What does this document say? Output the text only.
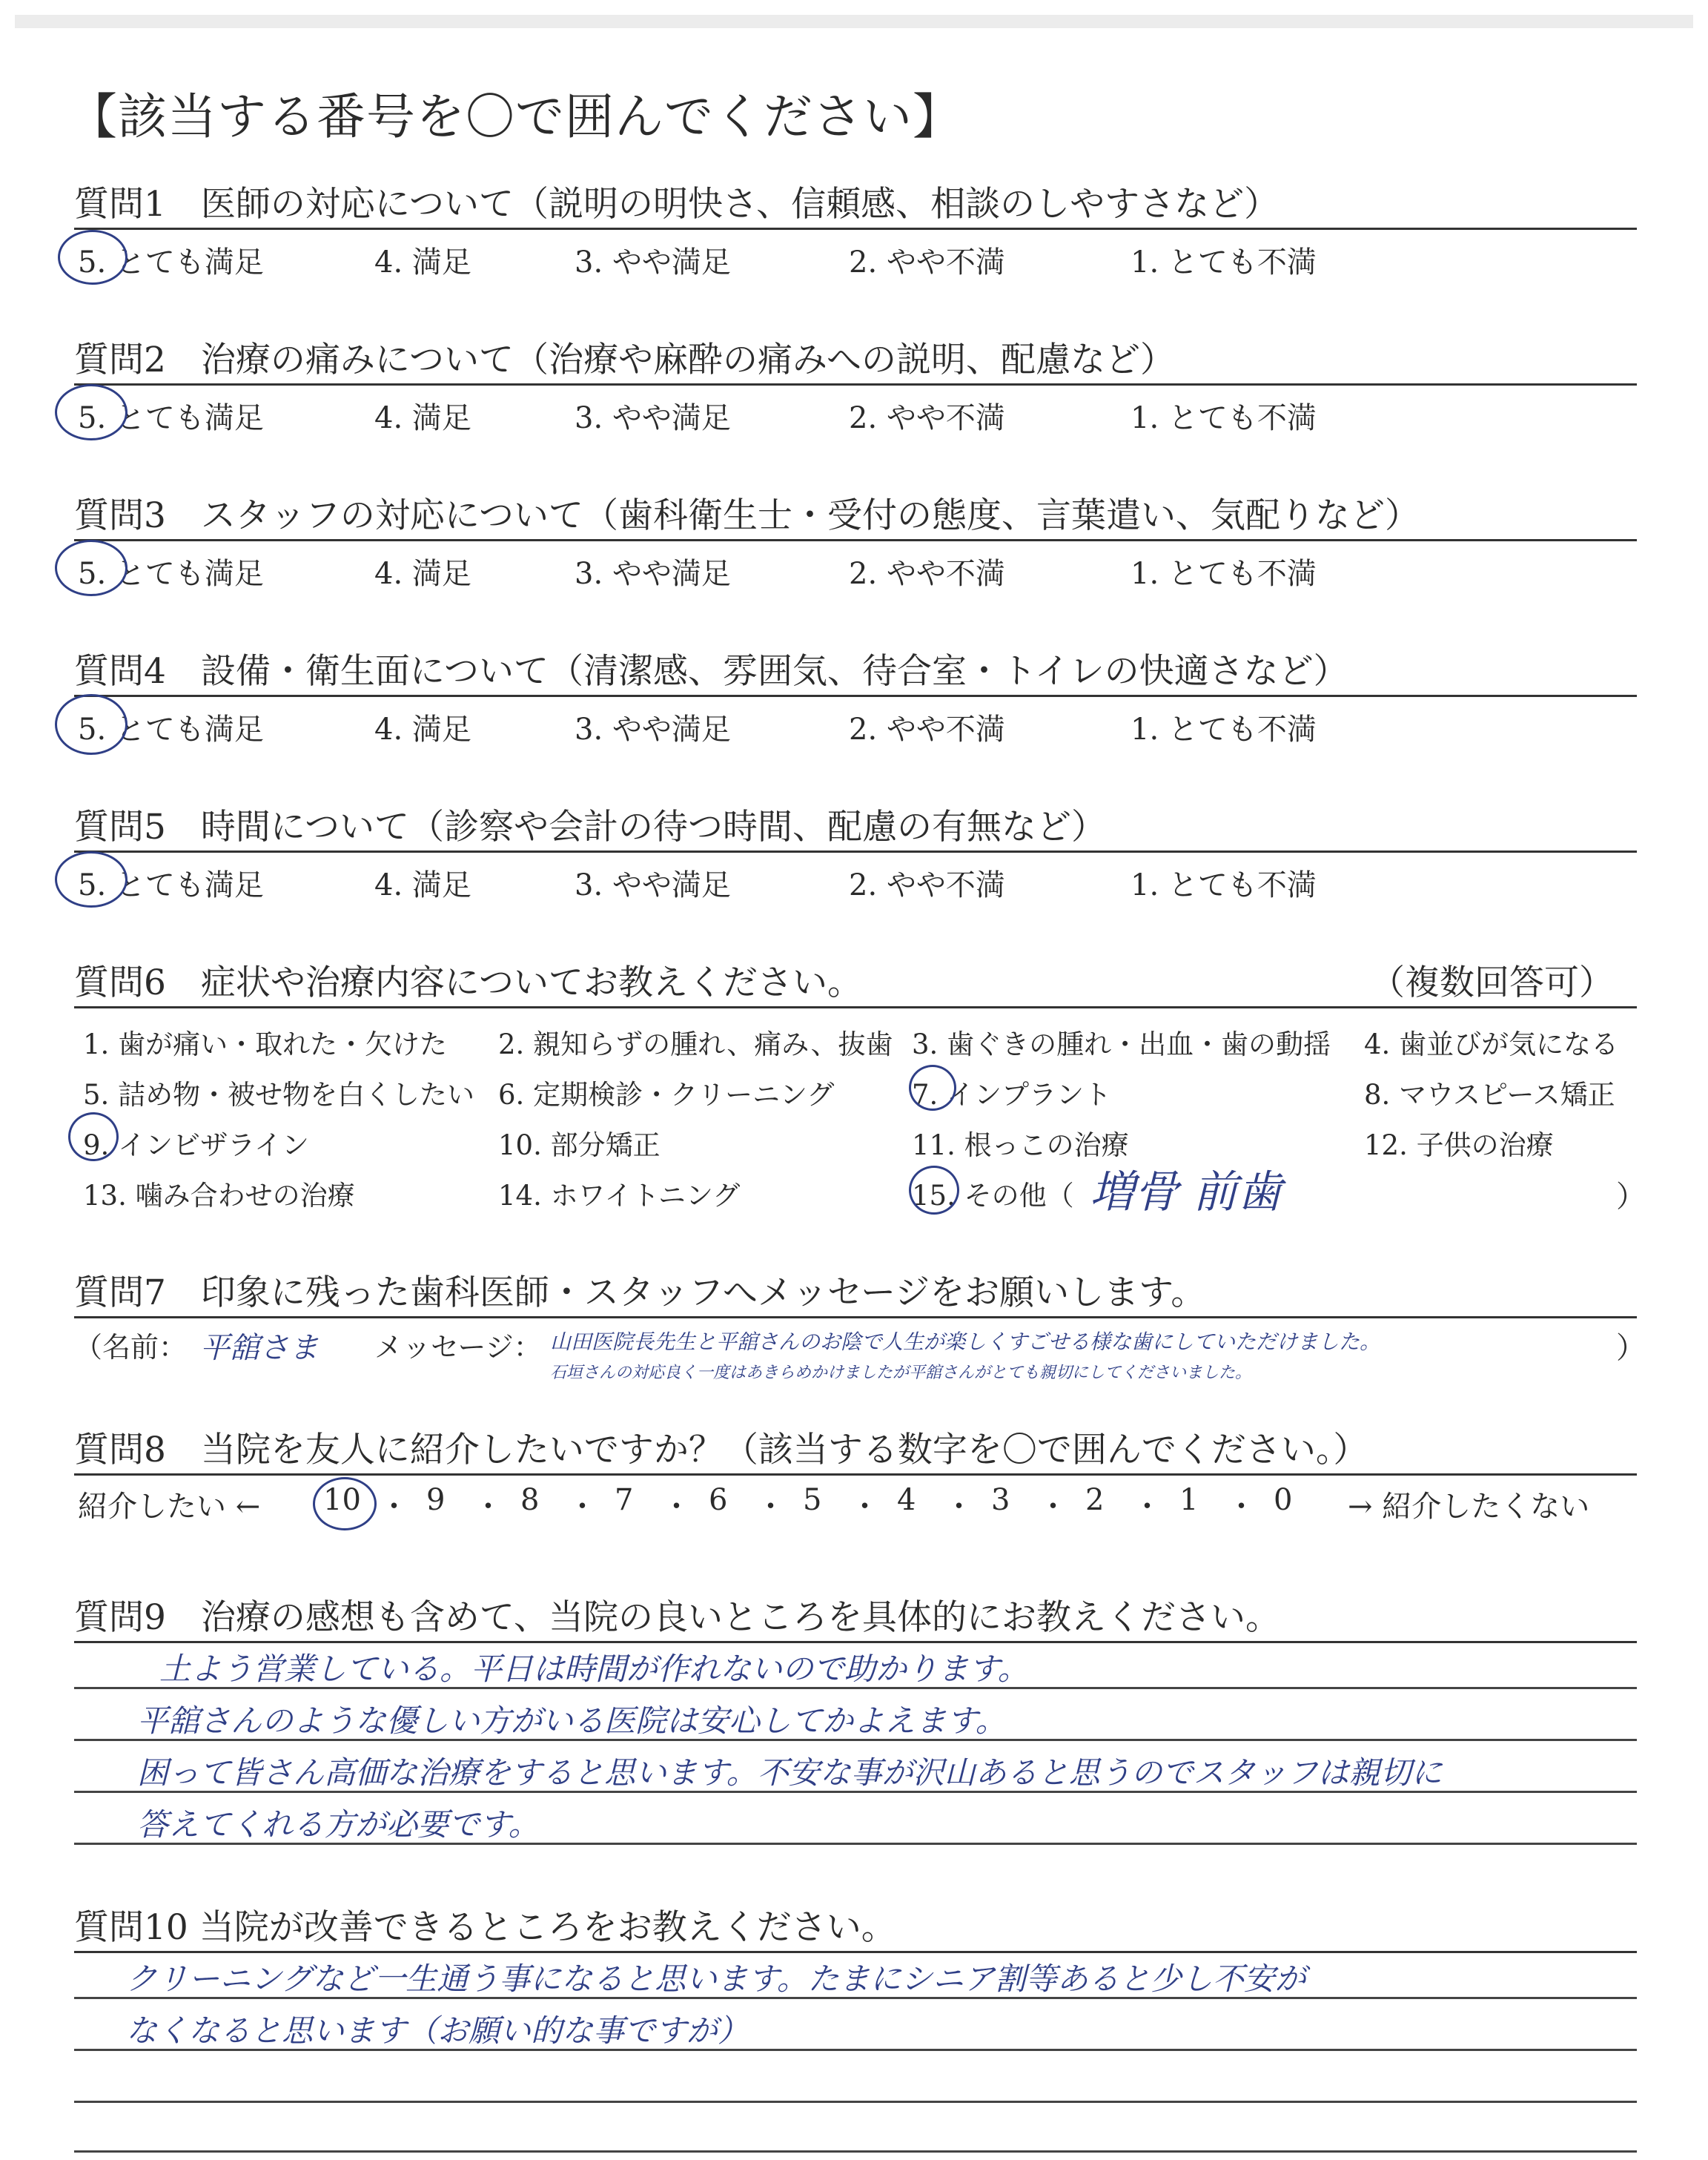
【該当する番号を〇で囲んでください】
質問1　医師の対応について（説明の明快さ、信頼感、相談のしやすさなど）
5. とても満足	4. 満足	3. やや満足	2. やや不満	1. とても不満
質問2　治療の痛みについて（治療や麻酔の痛みへの説明、配慮など）
5. とても満足	4. 満足	3. やや満足	2. やや不満	1. とても不満
質問3　スタッフの対応について（歯科衛生士・受付の態度、言葉遣い、気配りなど）
5. とても満足	4. 満足	3. やや満足	2. やや不満	1. とても不満
質問4　設備・衛生面について（清潔感、雰囲気、待合室・トイレの快適さなど）
5. とても満足	4. 満足	3. やや満足	2. やや不満	1. とても不満
質問5　時間について（診察や会計の待つ時間、配慮の有無など）
5. とても満足	4. 満足	3. やや満足	2. やや不満	1. とても不満
質問6　症状や治療内容についてお教えください。	（複数回答可）
1. 歯が痛い・取れた・欠けた 2. 親知らずの腫れ、痛み、抜歯 3. 歯ぐきの腫れ・出血・歯の動揺 4. 歯並びが気になる
5. 詰め物・被せ物を白くしたい 6. 定期検診・クリーニング	7. インプラント	8. マウスピース矯正
9. インビザライン	10. 部分矯正	11. 根っこの治療	12. 子供の治療
13. 噛み合わせの治療	14. ホワイトニング	15. その他（ 増骨 前歯	）
質問7　印象に残った歯科医師・スタッフへメッセージをお願いします。
（名前： 平舘さま メッセージ： 山田医院長先生と平舘さんのお陰で人生が楽しくすごせる様な歯にしていただけました。
石垣さんの対応良く一度はあきらめかけましたが平舘さんがとても親切にしてくださいました。
）
質問8　当院を友人に紹介したいですか？（該当する数字を〇で囲んでください。）
紹介したい ← 10 ・ 9 ・ 8 ・ 7 ・ 6 ・ 5 ・ 4 ・ 3 ・ 2 ・ 1 ・ 0 → 紹介したくない
質問9　治療の感想も含めて、当院の良いところを具体的にお教えください。
土よう営業している。平日は時間が作れないので助かります。
平舘さんのような優しい方がいる医院は安心してかよえます。
困って皆さん高価な治療をすると思います。不安な事が沢山あると思うのでスタッフは親切に
答えてくれる方が必要です。
質問10 当院が改善できるところをお教えください。
クリーニングなど一生通う事になると思います。たまにシニア割等あると少し不安が
なくなると思います（お願い的な事ですが）
